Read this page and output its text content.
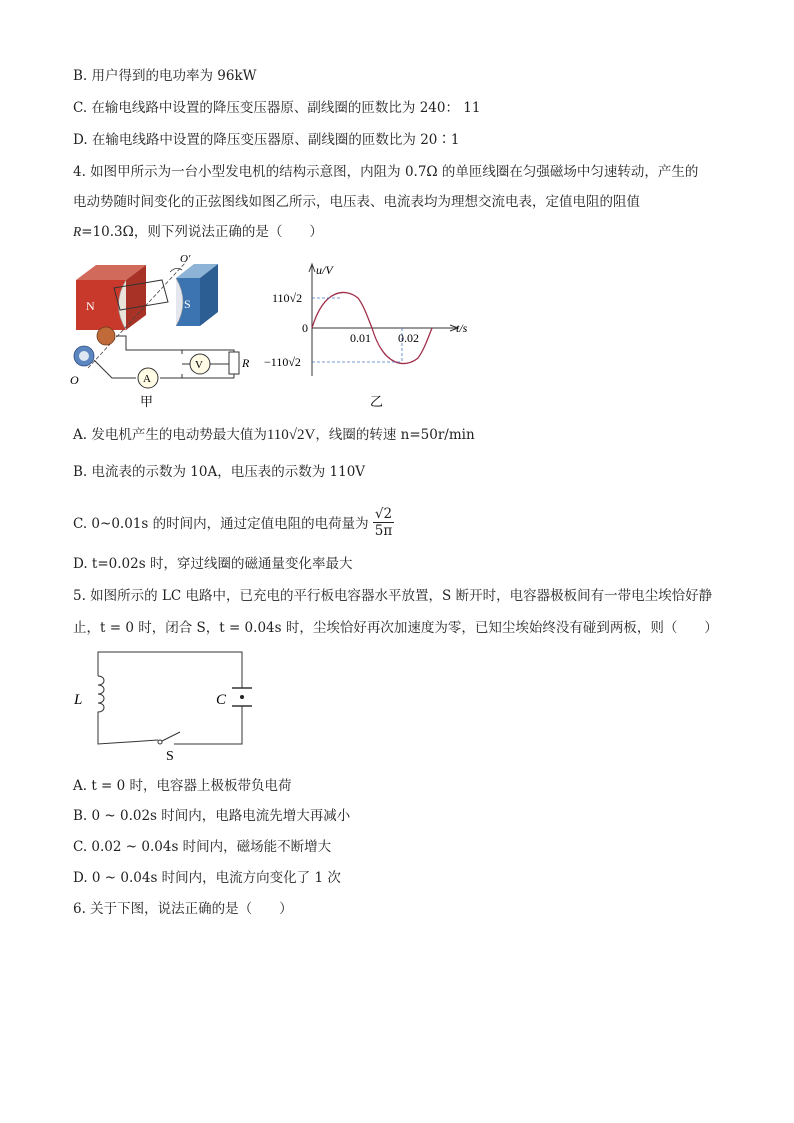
B. 用户得到的电功率为 96kW
C. 在输电线路中设置的降压变压器原、副线圈的匝数比为 240： 11
D. 在输电线路中设置的降压变压器原、副线圈的匝数比为 20∶1
4. 如图甲所示为一台小型发电机的结构示意图，内阻为 0.7Ω 的单匝线圈在匀强磁场中匀速转动，产生的
电动势随时间变化的正弦图线如图乙所示，电压表、电流表均为理想交流电表，定值电阻的阻值
R=10.3Ω，则下列说法正确的是（　　）
N	S
O′
O	A
V	R
甲
u/V
t/s
0
110√2
−110√2
0.01 0.02
乙
A. 发电机产生的电动势最大值为110√2V，线圈的转速 n=50r/min
B. 电流表的示数为 10A，电压表的示数为 110V
C. 0~0.01s 的时间内，通过定值电阻的电荷量为 $\frac{√2}{5\pi}$
D. t=0.02s 时，穿过线圈的磁通量变化率最大
5. 如图所示的 LC 电路中，已充电的平行板电容器水平放置，S 断开时，电容器极板间有一带电尘埃恰好静
止，t = 0 时，闭合 S，t = 0.04s 时，尘埃恰好再次加速度为零，已知尘埃始终没有碰到两板，则（　　）
L	C
S
A. t = 0 时，电容器上极板带负电荷
B. 0 ~ 0.02s 时间内，电路电流先增大再减小
C. 0.02 ~ 0.04s 时间内，磁场能不断增大
D. 0 ~ 0.04s 时间内，电流方向变化了 1 次
6. 关于下图，说法正确的是（　　）
